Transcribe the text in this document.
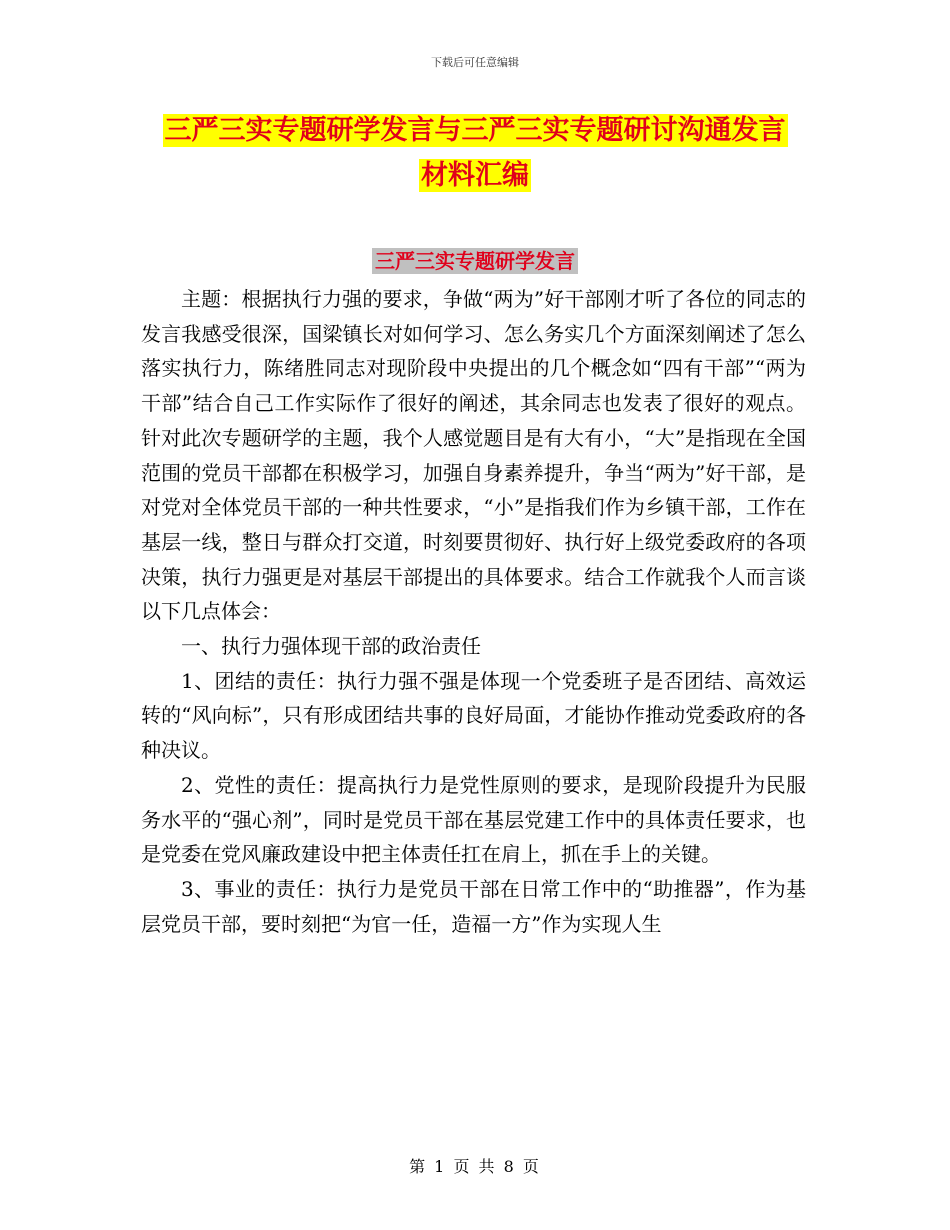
下载后可任意编辑
三严三实专题研学发言与三严三实专题研讨沟通发言
材料汇编
三严三实专题研学发言

主题：根据执行力强的要求，争做“两为”好干部刚才听了各位的同志的发言我感受很深，国梁镇长对如何学习、怎么务实几个方面深刻阐述了怎么落实执行力，陈绪胜同志对现阶段中央提出的几个概念如“四有干部”“两为干部”结合自己工作实际作了很好的阐述，其余同志也发表了很好的观点。针对此次专题研学的主题，我个人感觉题目是有大有小，“大”是指现在全国范围的党员干部都在积极学习，加强自身素养提升，争当“两为”好干部，是对党对全体党员干部的一种共性要求，“小”是指我们作为乡镇干部，工作在基层一线，整日与群众打交道，时刻要贯彻好、执行好上级党委政府的各项决策，执行力强更是对基层干部提出的具体要求。结合工作就我个人而言谈以下几点体会：

一、执行力强体现干部的政治责任

1、团结的责任：执行力强不强是体现一个党委班子是否团结、高效运转的“风向标”，只有形成团结共事的良好局面，才能协作推动党委政府的各种决议。

2、党性的责任：提高执行力是党性原则的要求，是现阶段提升为民服务水平的“强心剂”，同时是党员干部在基层党建工作中的具体责任要求，也是党委在党风廉政建设中把主体责任扛在肩上，抓在手上的关键。

3、事业的责任：执行力是党员干部在日常工作中的“助推器”，作为基层党员干部，要时刻把“为官一任，造福一方”作为实现人生

第 1 页 共 8 页
